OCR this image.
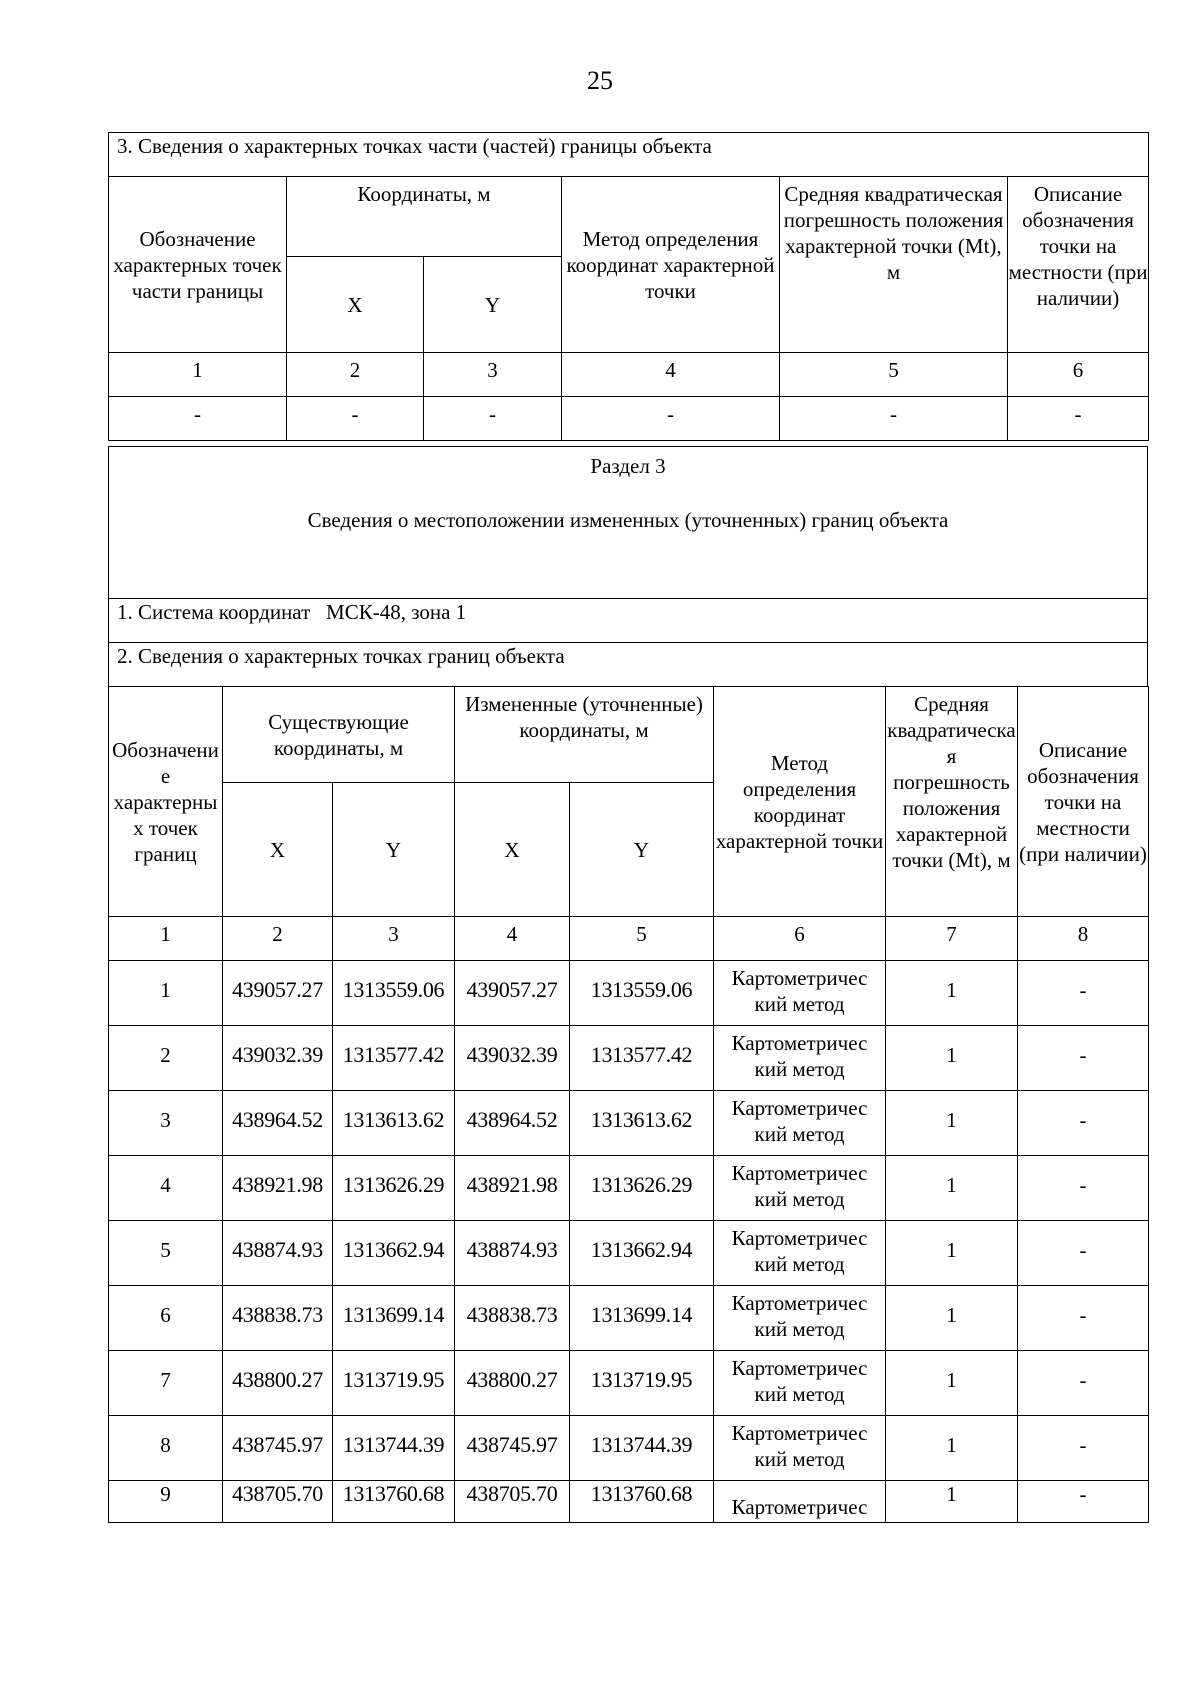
25
3. Сведения о характерных точках части (частей) границы объекта					
Обозначение характерных точек части границы	Координаты, м		Метод определения координат характерной точки	Средняя квадратическая погрешность положения характерной точки (Mt), м	Описание обозначения точки на местности (при наличии)
	X	Y			
1	2	3	4	5	6
-	-	-	-	-	-
Раздел 3

Сведения о местоположении измененных (уточненных) границ объекта

1. Система координат МСК-48, зона 1
2. Сведения о характерных точках границ объекта
Обозначение характерных точек границ	Существующие координаты, м		Измененные (уточненные) координаты, м		Метод определения координат характерной точки	Средняя квадратическая погрешность положения характерной точки (Mt), м	Описание обозначения точки на местности (при наличии)
	X	Y	X	Y			
1	2	3	4	5	6	7	8
1	439057.27	1313559.06	439057.27	1313559.06	Картометричес кий метод	1	-
2	439032.39	1313577.42	439032.39	1313577.42	Картометричес кий метод	1	-
3	438964.52	1313613.62	438964.52	1313613.62	Картометричес кий метод	1	-
4	438921.98	1313626.29	438921.98	1313626.29	Картометричес кий метод	1	-
5	438874.93	1313662.94	438874.93	1313662.94	Картометричес кий метод	1	-
6	438838.73	1313699.14	438838.73	1313699.14	Картометричес кий метод	1	-
7	438800.27	1313719.95	438800.27	1313719.95	Картометричес кий метод	1	-
8	438745.97	1313744.39	438745.97	1313744.39	Картометричес кий метод	1	-
9	438705.70	1313760.68	438705.70	1313760.68	Картометричес	1	-
